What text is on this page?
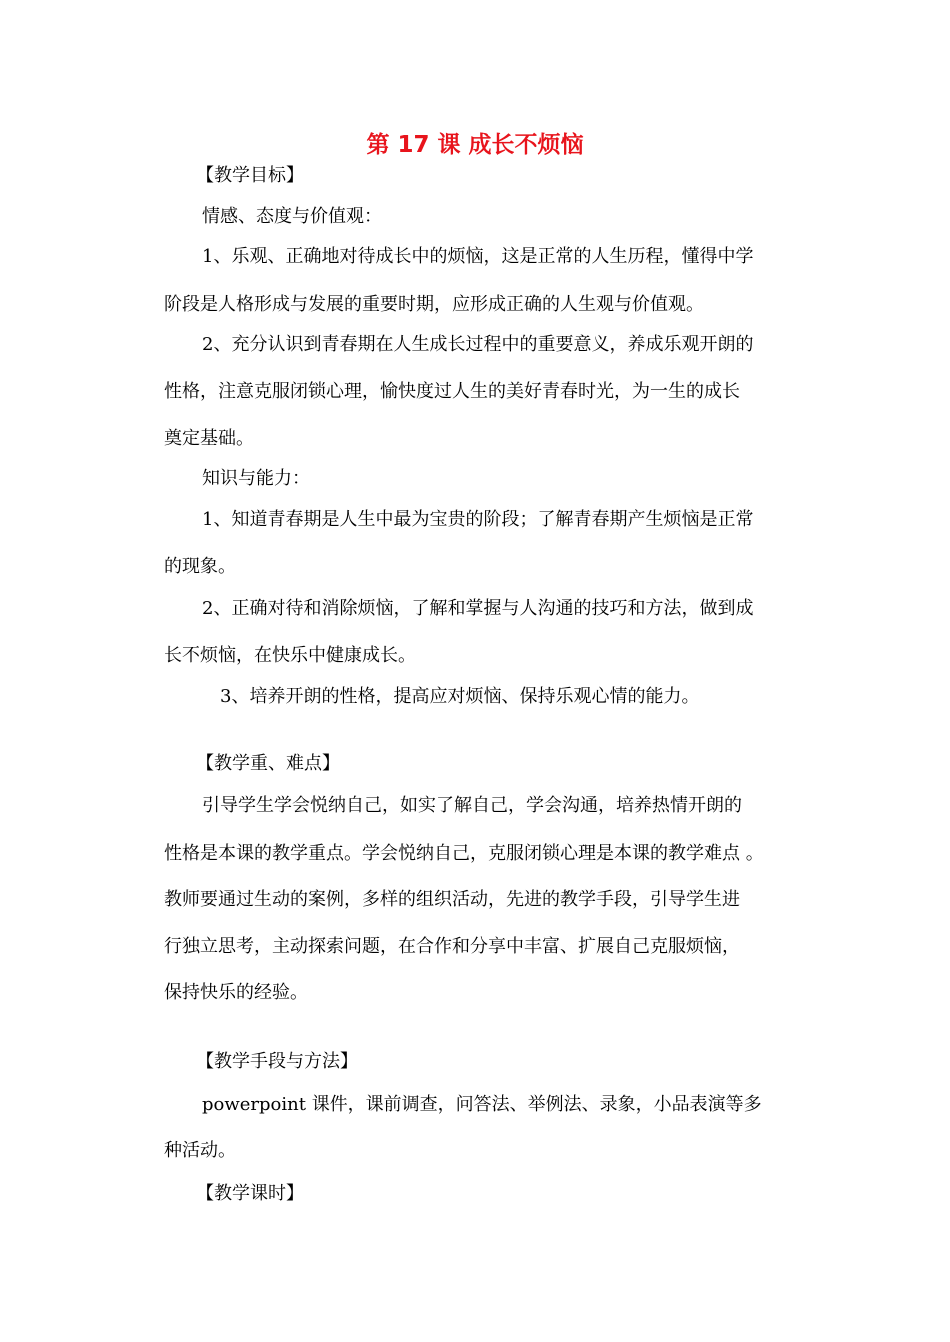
第 17 课 成长不烦恼
【教学目标】
情感、态度与价值观：
1、乐观、正确地对待成长中的烦恼，这是正常的人生历程，懂得中学
阶段是人格形成与发展的重要时期，应形成正确的人生观与价值观。
2、充分认识到青春期在人生成长过程中的重要意义，养成乐观开朗的
性格，注意克服闭锁心理，愉快度过人生的美好青春时光，为一生的成长
奠定基础。
知识与能力：
1、知道青春期是人生中最为宝贵的阶段；了解青春期产生烦恼是正常
的现象。
2、正确对待和消除烦恼，了解和掌握与人沟通的技巧和方法，做到成
长不烦恼，在快乐中健康成长。
3、培养开朗的性格，提高应对烦恼、保持乐观心情的能力。
【教学重、难点】
引导学生学会悦纳自己，如实了解自己，学会沟通，培养热情开朗的
性格是本课的教学重点。学会悦纳自己，克服闭锁心理是本课的教学难点 。
教师要通过生动的案例，多样的组织活动，先进的教学手段，引导学生进
行独立思考，主动探索问题，在合作和分享中丰富、扩展自己克服烦恼，
保持快乐的经验。
【教学手段与方法】
powerpoint 课件，课前调查，问答法、举例法、录象，小品表演等多
种活动。
【教学课时】
